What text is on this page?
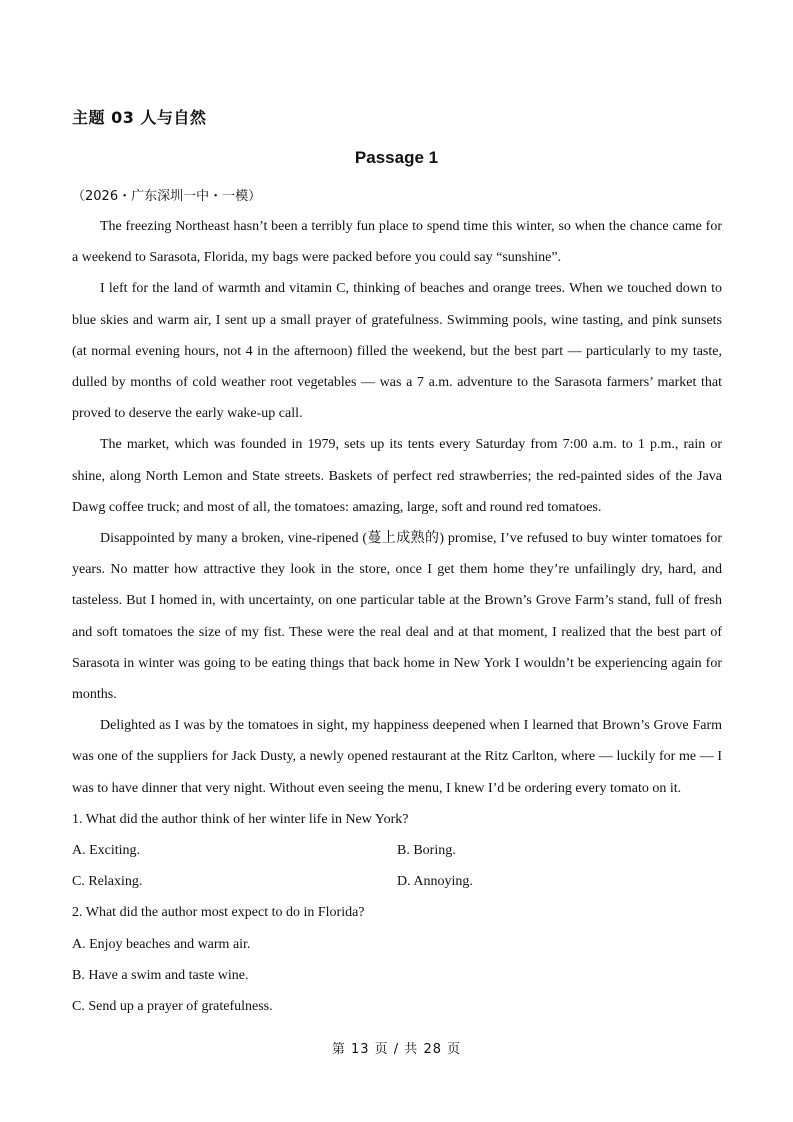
主题 03 人与自然
Passage 1
（2026・广东深圳一中・一模）

The freezing Northeast hasn’t been a terribly fun place to spend time this winter, so when the chance came for a weekend to Sarasota, Florida, my bags were packed before you could say “sunshine”.

I left for the land of warmth and vitamin C, thinking of beaches and orange trees. When we touched down to blue skies and warm air, I sent up a small prayer of gratefulness. Swimming pools, wine tasting, and pink sunsets (at normal evening hours, not 4 in the afternoon) filled the weekend, but the best part — particularly to my taste, dulled by months of cold weather root vegetables — was a 7 a.m. adventure to the Sarasota farmers’ market that proved to deserve the early wake-up call.

The market, which was founded in 1979, sets up its tents every Saturday from 7:00 a.m. to 1 p.m., rain or shine, along North Lemon and State streets. Baskets of perfect red strawberries; the red-painted sides of the Java Dawg coffee truck; and most of all, the tomatoes: amazing, large, soft and round red tomatoes.

Disappointed by many a broken, vine-ripened (蔓上成熟的) promise, I’ve refused to buy winter tomatoes for years. No matter how attractive they look in the store, once I get them home they’re unfailingly dry, hard, and tasteless. But I homed in, with uncertainty, on one particular table at the Brown’s Grove Farm’s stand, full of fresh and soft tomatoes the size of my fist. These were the real deal and at that moment, I realized that the best part of Sarasota in winter was going to be eating things that back home in New York I wouldn’t be experiencing again for months.

Delighted as I was by the tomatoes in sight, my happiness deepened when I learned that Brown’s Grove Farm was one of the suppliers for Jack Dusty, a newly opened restaurant at the Ritz Carlton, where — luckily for me — I was to have dinner that very night. Without even seeing the menu, I knew I’d be ordering every tomato on it.

1. What did the author think of her winter life in New York?

A. Exciting.	B. Boring.

C. Relaxing.	D. Annoying.

2. What did the author most expect to do in Florida?

A. Enjoy beaches and warm air.

B. Have a swim and taste wine.

C. Send up a prayer of gratefulness.

第 13 页 / 共 28 页
